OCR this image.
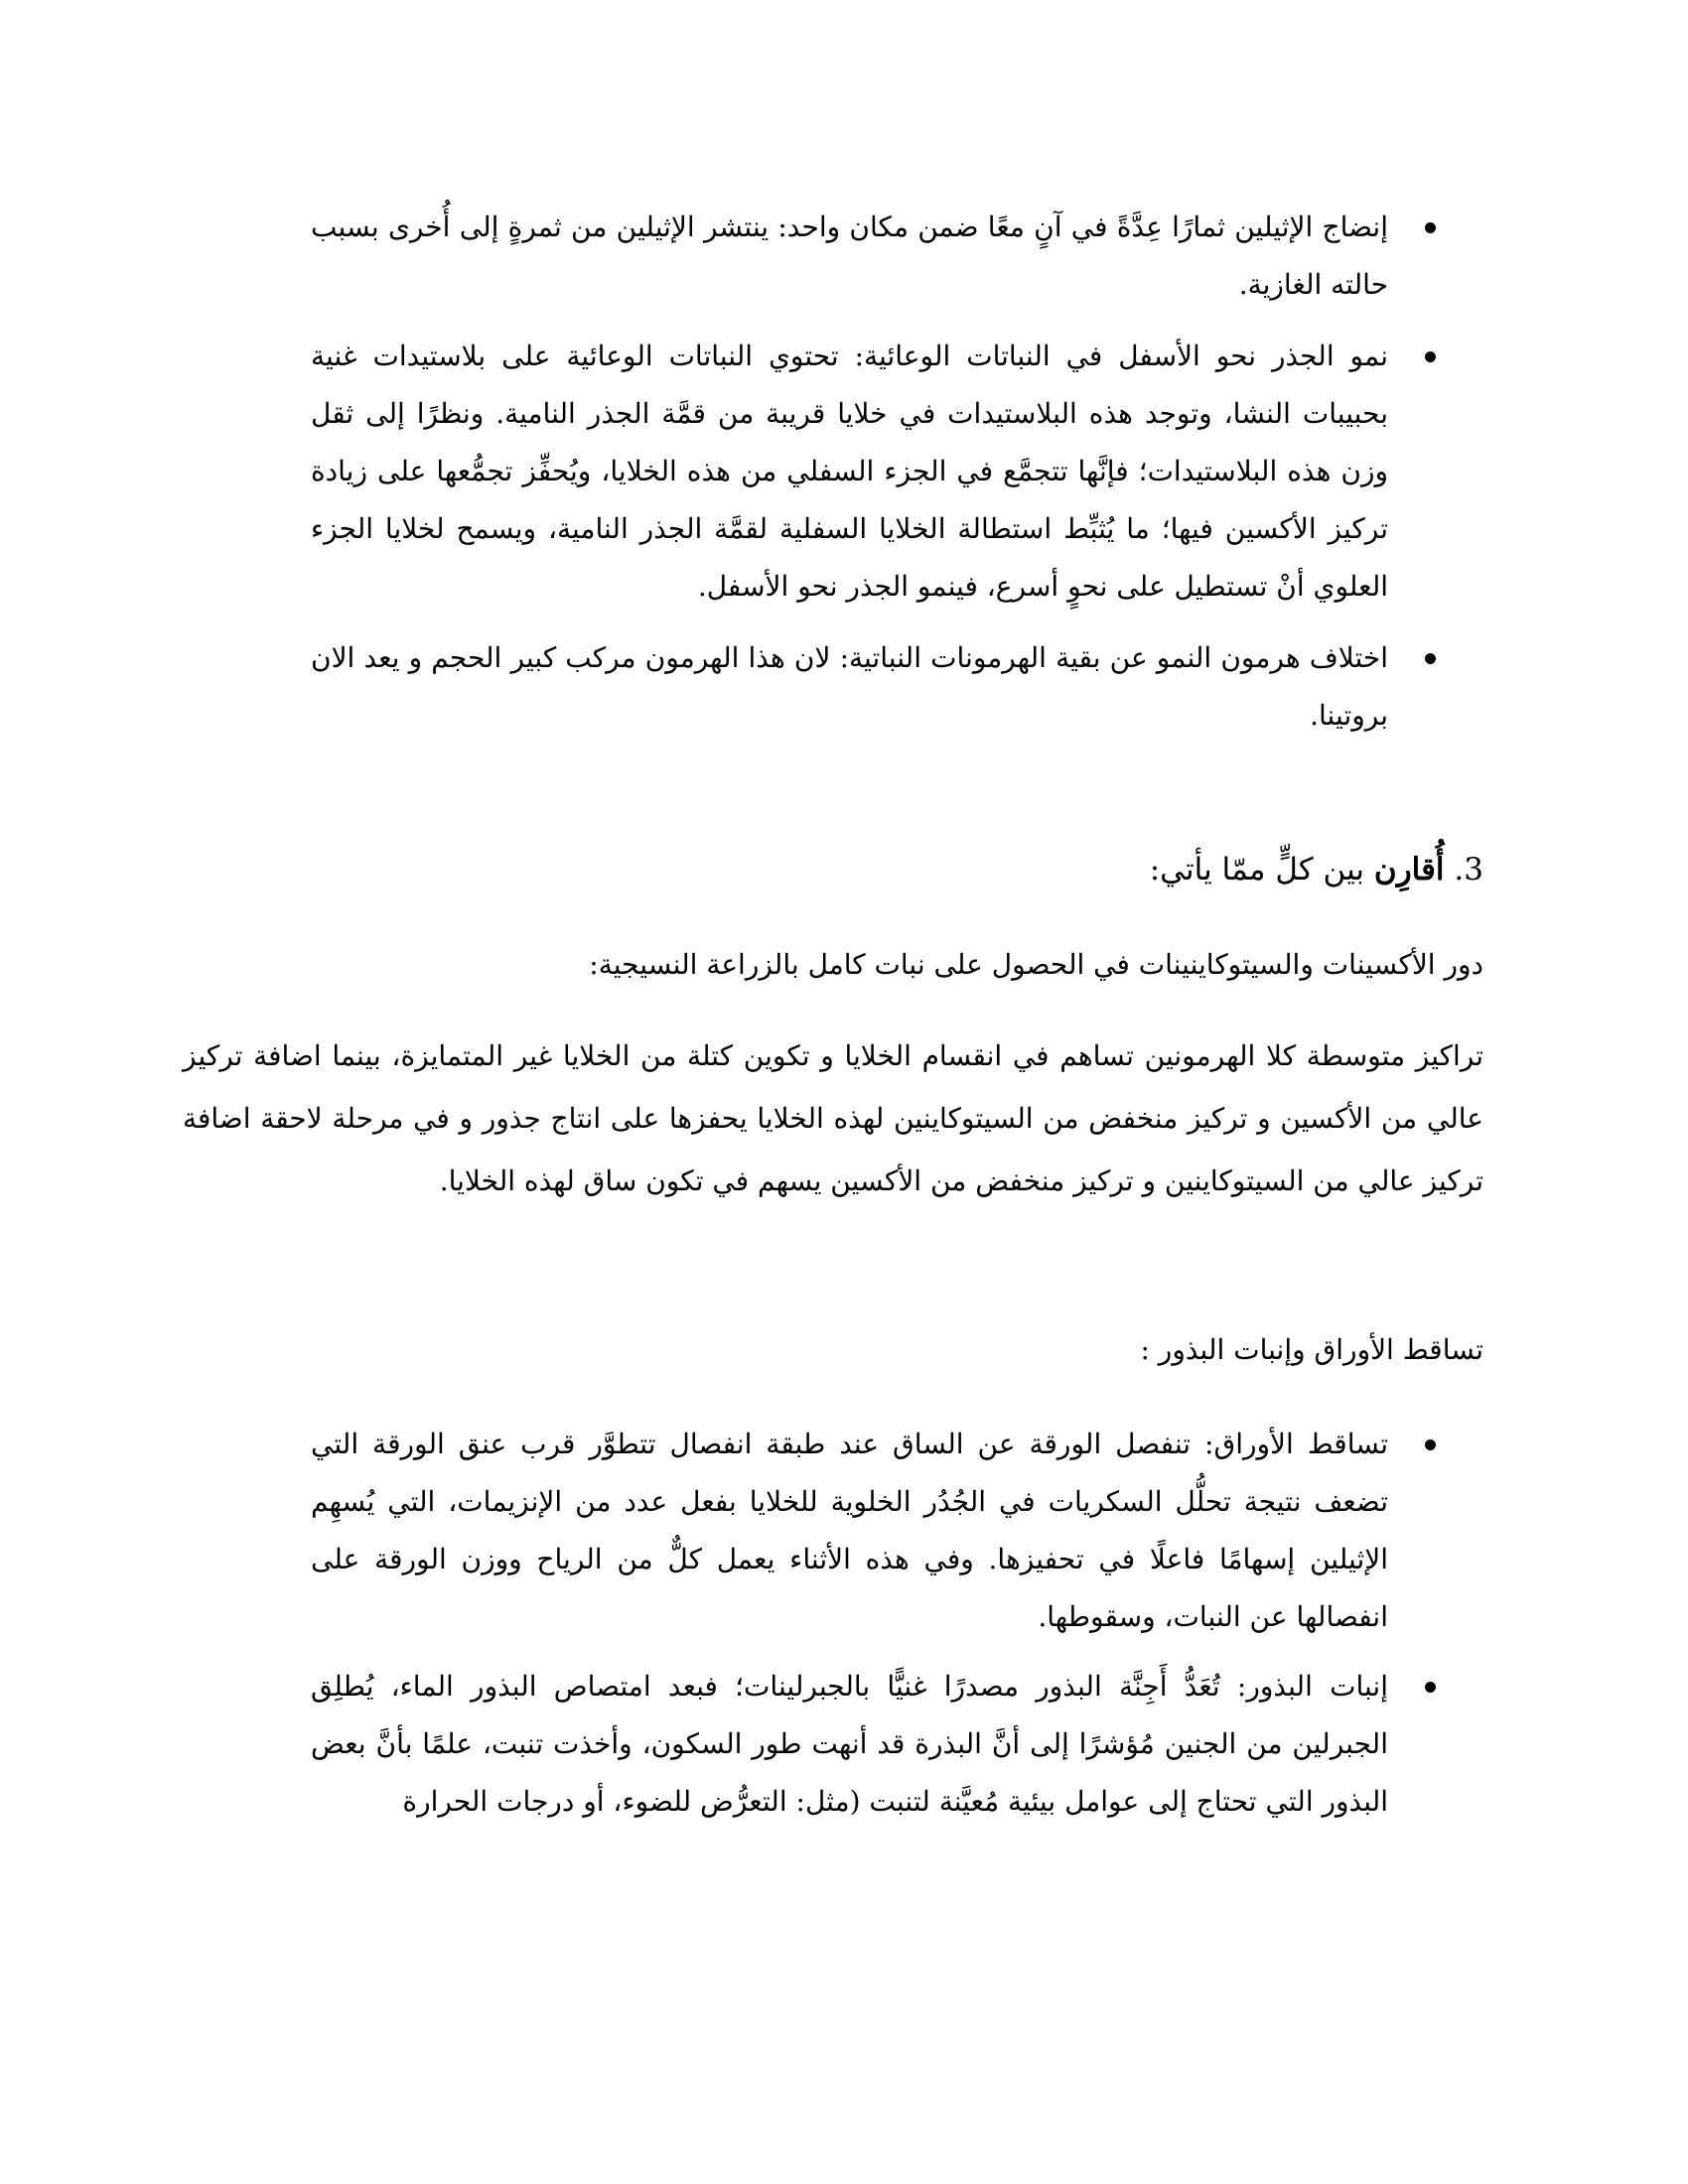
إنضاج الإثيلين ثمارًا عِدَّةً في آنٍ معًا ضمن مكان واحد: ينتشر الإثيلين من ثمرةٍ إلى أُخرى بسبب حالته الغازية.
نمو الجذر نحو الأسفل في النباتات الوعائية: تحتوي النباتات الوعائية على بلاستيدات غنية بحبيبات النشا، وتوجد هذه البلاستيدات في خلايا قريبة من قمَّة الجذر النامية. ونظرًا إلى ثقل وزن هذه البلاستيدات؛ فإنَّها تتجمَّع في الجزء السفلي من هذه الخلايا، ويُحفِّز تجمُّعها على زيادة تركيز الأكسين فيها؛ ما يُثبِّط استطالة الخلايا السفلية لقمَّة الجذر النامية، ويسمح لخلايا الجزء العلوي أنْ تستطيل على نحوٍ أسرع، فينمو الجذر نحو الأسفل.
اختلاف هرمون النمو عن بقية الهرمونات النباتية: لان هذا الهرمون مركب كبير الحجم و يعد الان بروتينا.

3. أُقارِن بين كلٍّ ممّا يأتي:

دور الأكسينات والسيتوكاينينات في الحصول على نبات كامل بالزراعة النسيجية:

تراكيز متوسطة كلا الهرمونين تساهم في انقسام الخلايا و تكوين كتلة من الخلايا غير المتمايزة، بينما اضافة تركيز عالي من الأكسين و تركيز منخفض من السيتوكاينين لهذه الخلايا يحفزها على انتاج جذور و في مرحلة لاحقة اضافة تركيز عالي من السيتوكاينين و تركيز منخفض من الأكسين يسهم في تكون ساق لهذه الخلايا.

تساقط الأوراق وإنبات البذور :

تساقط الأوراق: تنفصل الورقة عن الساق عند طبقة انفصال تتطوَّر قرب عنق الورقة التي تضعف نتيجة تحلُّل السكريات في الجُدُر الخلوية للخلايا بفعل عدد من الإنزيمات، التي يُسهِم الإثيلين إسهامًا فاعلًا في تحفيزها. وفي هذه الأثناء يعمل كلٌّ من الرياح ووزن الورقة على انفصالها عن النبات، وسقوطها.
إنبات البذور: تُعَدُّ أَجِنَّة البذور مصدرًا غنيًّا بالجبرلينات؛ فبعد امتصاص البذور الماء، يُطلِق الجبرلين من الجنين مُؤشرًا إلى أنَّ البذرة قد أنهت طور السكون، وأخذت تنبت، علمًا بأنَّ بعض البذور التي تحتاج إلى عوامل بيئية مُعيَّنة لتنبت (مثل: التعرُّض للضوء، أو درجات الحرارة
